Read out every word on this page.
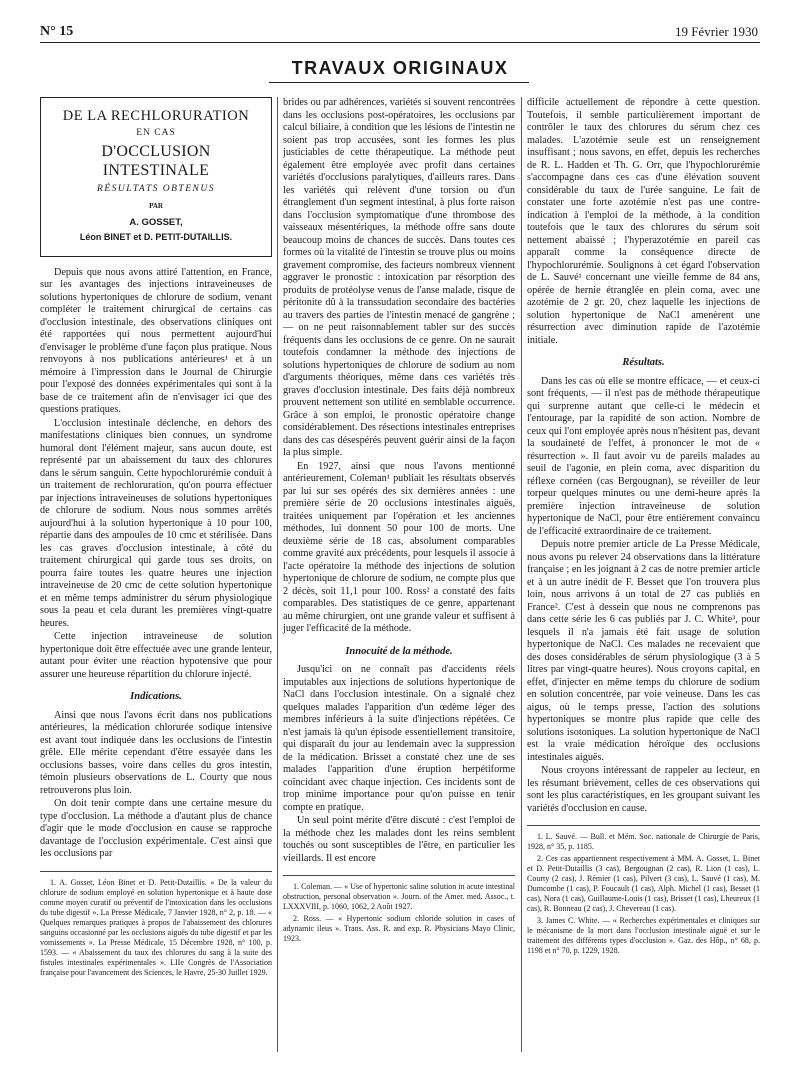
N° 15	19 Février 1930
TRAVAUX ORIGINAUX
DE LA RECHLORURATION
EN CAS
D'OCCLUSION INTESTINALE
RÉSULTATS OBTENUS
PAR
A. GOSSET,
Léon BINET et D. PETIT-DUTAILLIS.

Depuis que nous avons attiré l'attention, en France, sur les avantages des injections intraveineuses de solutions hypertoniques de chlorure de sodium, venant compléter le traitement chirurgical de certains cas d'occlusion intestinale, des observations cliniques ont été rapportées qui nous permettent aujourd'hui d'envisager le problème d'une façon plus pratique. Nous renvoyons à nos publications antérieures¹ et à un mémoire à l'impression dans le Journal de Chirurgie pour l'exposé des données expérimentales qui sont à la base de ce traitement afin de n'envisager ici que des questions pratiques.

L'occlusion intestinale déclenche, en dehors des manifestations cliniques bien connues, un syndrome humoral dont l'élément majeur, sans aucun doute, est représenté par un abaissement du taux des chlorures dans le sérum sanguin. Cette hypochlorurémie conduit à un traitement de rechloruration, qu'on pourra effectuer par injections intraveineuses de solutions hypertoniques de chlorure de sodium. Nous nous sommes arrêtés aujourd'hui à la solution hypertonique à 10 pour 100, répartie dans des ampoules de 10 cmc et stérilisée. Dans les cas graves d'occlusion intestinale, à côté du traitement chirurgical qui garde tous ses droits, on pourra faire toutes les quatre heures une injection intraveineuse de 20 cmc de cette solution hypertonique et en même temps administrer du sérum physiologique sous la peau et cela durant les premières vingt-quatre heures.

Cette injection intraveineuse de solution hypertonique doit être effectuée avec une grande lenteur, autant pour éviter une réaction hypotensive que pour assurer une heureuse répartition du chlorure injecté.

Indications.

Ainsi que nous l'avons écrit dans nos publications antérieures, la médication chlorurée sodique intensive est avant tout indiquée dans les occlusions de l'intestin grêle. Elle mérite cependant d'être essayée dans les occlusions basses, voire dans celles du gros intestin, témoin plusieurs observations de L. Courty que nous retrouverons plus loin.

On doit tenir compte dans une certaine mesure du type d'occlusion. La méthode a d'autant plus de chance d'agir que le mode d'occlusion en cause se rapproche davantage de l'occlusion expérimentale. C'est ainsi que les occlusions par

1. A. Gosset, Léon Binet et D. Petit-Dutaillis. « De la valeur du chlorure de sodium employé en solution hypertonique et à haute dose comme moyen curatif ou préventif de l'intoxication dans les occlusions du tube digestif ». La Presse Médicale, 7 Janvier 1928, n° 2, p. 18. — « Quelques remarques pratiques à propos de l'abaissement des chlorures sanguins occasionné par les occlusions aiguës du tube digestif et par les vomissements ». La Presse Médicale, 15 Décembre 1928, n° 100, p. 1593. — « Abaissement du taux des chlorures du sang à la suite des fistules intestinales expérimentales ». LIIe Congrès de l'Association française pour l'avancement des Sciences, le Havre, 25-30 Juillet 1929.

brides ou par adhérences, variétés si souvent rencontrées dans les occlusions post-opératoires, les occlusions par calcul biliaire, à condition que les lésions de l'intestin ne soient pas trop accusées, sont les formes les plus justiciables de cette thérapeutique. La méthode peut également être employée avec profit dans certaines variétés d'occlusions paralytiques, d'ailleurs rares. Dans les variétés qui relèvent d'une torsion ou d'un étranglement d'un segment intestinal, à plus forte raison dans l'occlusion symptomatique d'une thrombose des vaisseaux mésentériques, la méthode offre sans doute beaucoup moins de chances de succès. Dans toutes ces formes où la vitalité de l'intestin se trouve plus ou moins gravement compromise, des facteurs nombreux viennent aggraver le pronostic : intoxication par résorption des produits de protéolyse venus de l'anse malade, risque de péritonite dû à la transsudation secondaire des bactéries au travers des parties de l'intestin menacé de gangrène ; — on ne peut raisonnablement tabler sur des succès fréquents dans les occlusions de ce genre. On ne saurait toutefois condamner la méthode des injections de solutions hypertoniques de chlorure de sodium au nom d'arguments théoriques, même dans ces variétés très graves d'occlusion intestinale. Des faits déjà nombreux prouvent nettement son utilité en semblable occurrence. Grâce à son emploi, le pronostic opératoire change considérablement. Des résections intestinales entreprises dans des cas désespérés peuvent guérir ainsi de la façon la plus simple.

En 1927, ainsi que nous l'avons mentionné antérieurement, Coleman¹ publiait les résultats observés par lui sur ses opérés des six dernières années : une première série de 20 occlusions intestinales aiguës, traitées uniquement par l'opération et les anciennes méthodes, lui donnent 50 pour 100 de morts. Une deuxième série de 18 cas, absolument comparables comme gravité aux précédents, pour lesquels il associe à l'acte opératoire la méthode des injections de solution hypertonique de chlorure de sodium, ne compte plus que 2 décès, soit 11,1 pour 100. Ross² a constaté des faits comparables. Des statistiques de ce genre, appartenant au même chirurgien, ont une grande valeur et suffisent à juger l'efficacité de la méthode.

Innocuité de la méthode.

Jusqu'ici on ne connaît pas d'accidents réels imputables aux injections de solutions hypertonique de NaCl dans l'occlusion intestinale. On a signalé chez quelques malades l'apparition d'un œdème léger des membres inférieurs à la suite d'injections répétées. Ce n'est jamais là qu'un épisode essentiellement transitoire, qui disparaît du jour au lendemain avec la suppression de la médication. Brisset a constaté chez une de ses malades l'apparition d'une éruption herpétiforme coïncidant avec chaque injection. Ces incidents sont de trop minime importance pour qu'on puisse en tenir compte en pratique.

Un seul point mérite d'être discuté : c'est l'emploi de la méthode chez les malades dont les reins semblent touchés ou sont susceptibles de l'être, en particulier les vieillards. Il est encore

1. Coleman. — « Use of hypertonic saline solution in acute intestinal obstruction, personal observation ». Journ. of the Amer. med. Assoc., t. LXXXVIII, p. 1060, 1062, 2 Août 1927.

2. Ross. — « Hypertonic sodium chloride solution in cases of adynamic ileus ». Trans. Ass. R. and exp. R. Physicians Mayo Clinic, 1923.

difficile actuellement de répondre à cette question. Toutefois, il semble particulièrement important de contrôler le taux des chlorures du sérum chez ces malades. L'azotémie seule est un renseignement insuffisant ; nous savons, en effet, depuis les recherches de R. L. Hadden et Th. G. Orr, que l'hypochlorurémie s'accompagne dans ces cas d'une élévation souvent considérable du taux de l'urée sanguine. Le fait de constater une forte azotémie n'est pas une contre-indication à l'emploi de la méthode, à la condition toutefois que le taux des chlorures du sérum soit nettement abaissé ; l'hyperazotémie en pareil cas apparaît comme la conséquence directe de l'hypochlorurémie. Soulignons à cet égard l'observation de L. Sauvé¹ concernant une vieille femme de 84 ans, opérée de hernie étranglée en plein coma, avec une azotémie de 2 gr. 20, chez laquelle les injections de solution hypertonique de NaCl amenèrent une résurrection avec diminution rapide de l'azotémie initiale.

Résultats.

Dans les cas où elle se montre efficace, — et ceux-ci sont fréquents, — il n'est pas de méthode thérapeutique qui surprenne autant que celle-ci le médecin et l'entourage, par la rapidité de son action. Nombre de ceux qui l'ont employée après nous n'hésitent pas, devant la soudaineté de l'effet, à prononcer le mot de « résurrection ». Il faut avoir vu de pareils malades au seuil de l'agonie, en plein coma, avec disparition du réflexe cornéen (cas Bergougnan), se réveiller de leur torpeur quelques minutes ou une demi-heure après la première injection intraveineuse de solution hypertonique de NaCl, pour être entièrement convaincu de l'efficacité extraordinaire de ce traitement.

Depuis notre premier article de La Presse Médicale, nous avons pu relever 24 observations dans la littérature française ; en les joignant à 2 cas de notre premier article et à un autre inédit de F. Besset que l'on trouvera plus loin, nous arrivons à un total de 27 cas publiés en France². C'est à dessein que nous ne comprenons pas dans cette série les 6 cas publiés par J. C. White³, pour lesquels il n'a jamais été fait usage de solution hypertonique de NaCl. Ces malades ne recevaient que des doses considérables de sérum physiologique (3 à 5 litres par vingt-quatre heures). Nous croyons capital, en effet, d'injecter en même temps du chlorure de sodium en solution concentrée, par voie veineuse. Dans les cas aigus, où le temps presse, l'action des solutions hypertoniques se montre plus rapide que celle des solutions isotoniques. La solution hypertonique de NaCl est la vraie médication héroïque des occlusions intestinales aiguës.

Nous croyons intéressant de rappeler au lecteur, en les résumant brièvement, celles de ces observations qui sont les plus caractéristiques, en les groupant suivant les variétés d'occlusion en cause.

1. L. Sauvé. — Bull. et Mém. Soc. nationale de Chirurgie de Paris, 1928, n° 35, p. 1185.

2. Ces cas appartiennent respectivement à MM. A. Gosset, L. Binet et D. Petit-Dutaillis (3 cas), Bergougnan (2 cas), R. Lion (1 cas), L. Courty (2 cas), J. Rémier (1 cas), Pilvert (3 cas), L. Sauvé (1 cas), M. Dumcombe (1 cas), P. Foucault (1 cas), Alph. Michel (1 cas), Besset (1 cas), Nora (1 cas), Guillaume-Louis (1 cas), Brisset (1 cas), Lheureux (1 cas), R. Bonneau (2 cas), J. Chevereau (1 cas).

3. James C. White. — « Recherches expérimentales et cliniques sur le mécanisme de la mort dans l'occlusion intestinale aiguë et sur le traitement des différents types d'occlusion ». Gaz. des Hôp., n° 68, p. 1198 et n° 70, p. 1229, 1928.
